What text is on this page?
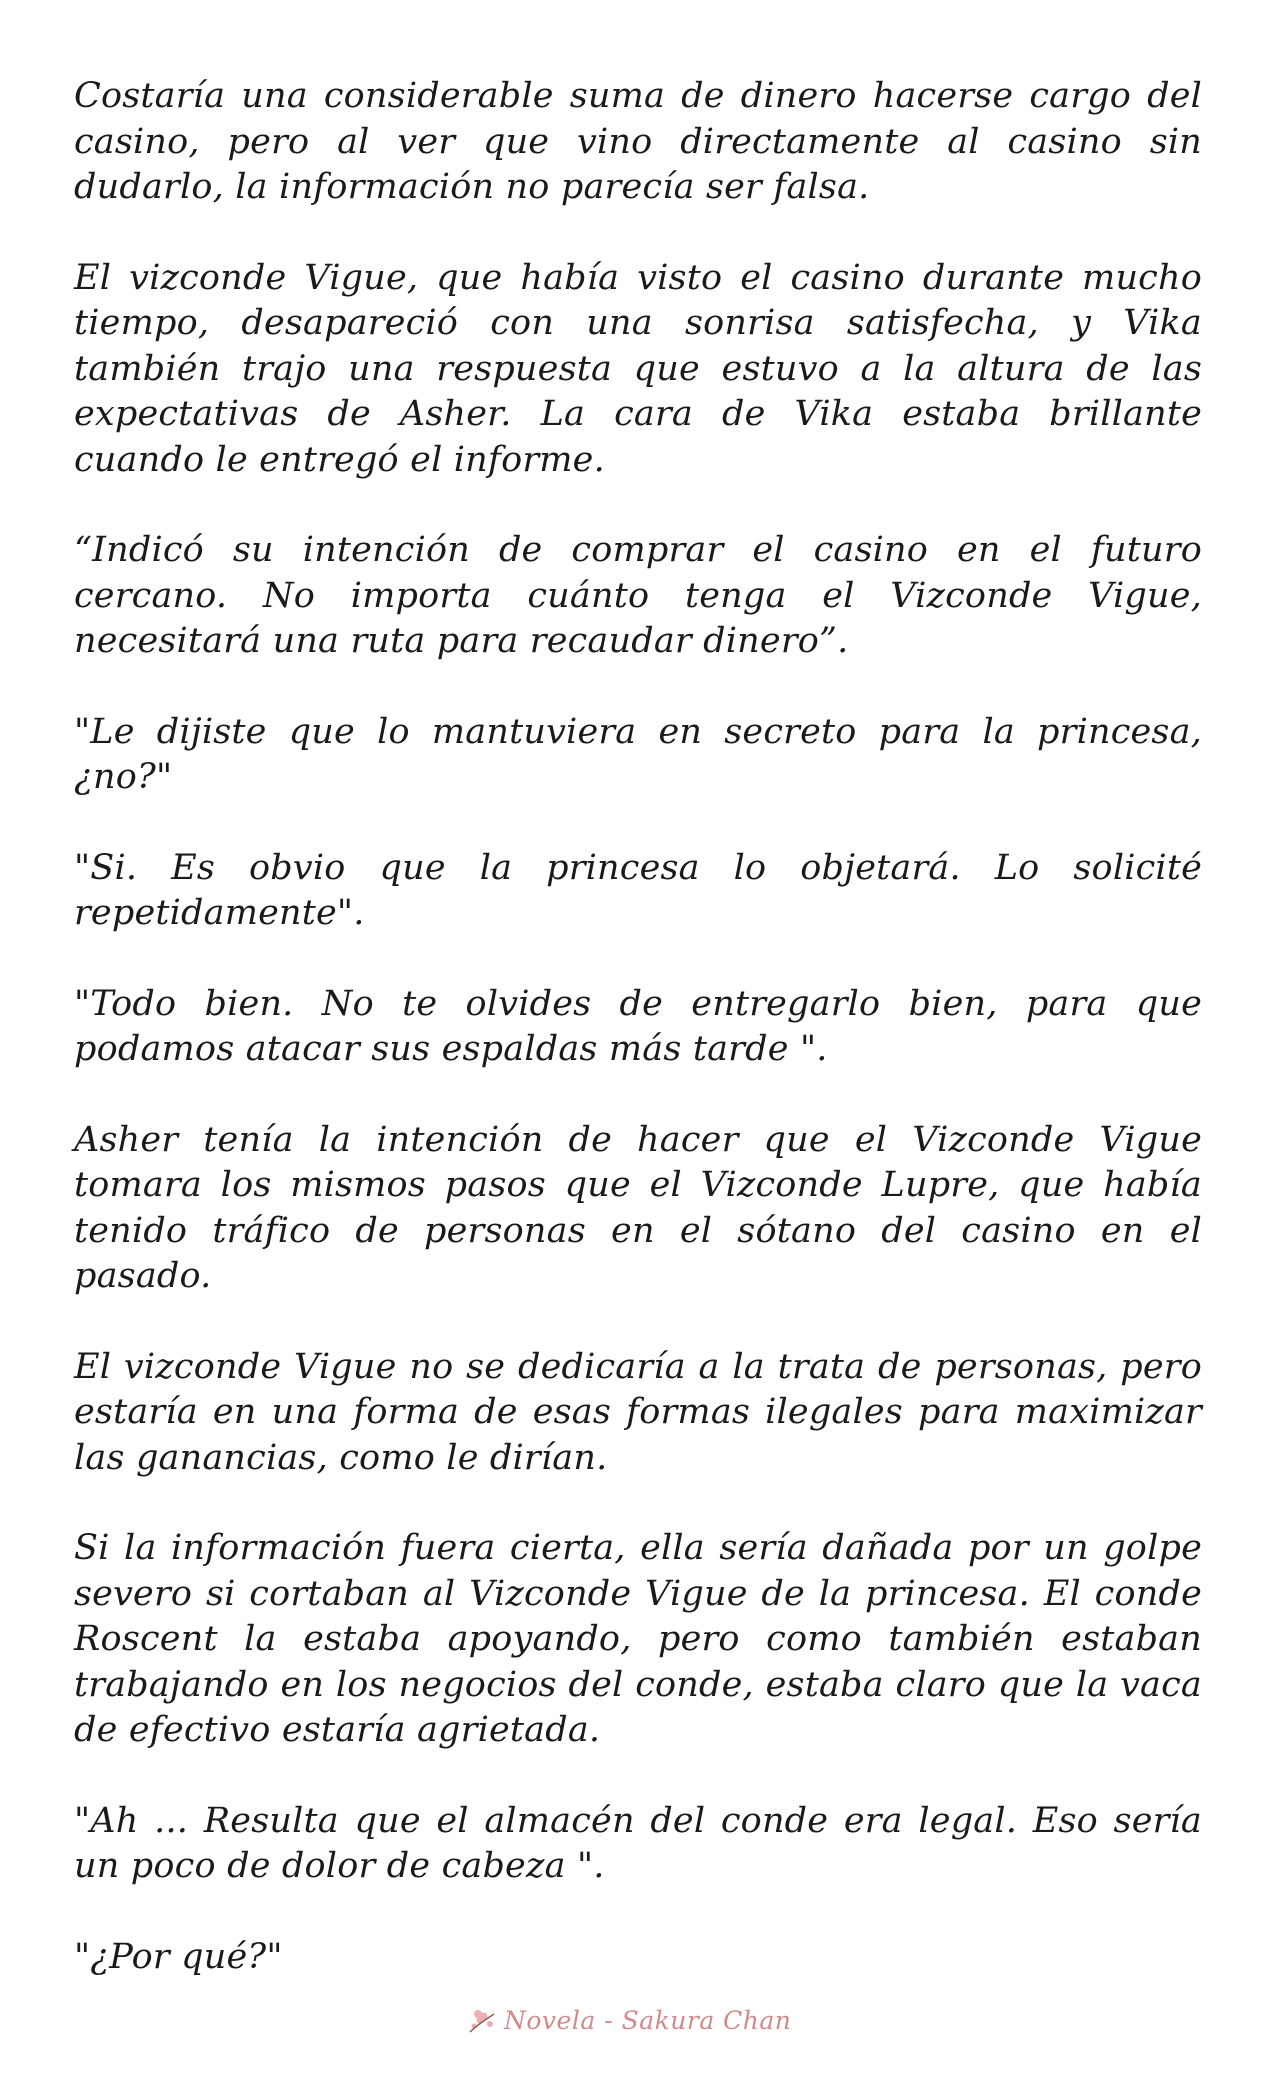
Costaría una considerable suma de dinero hacerse cargo del casino, pero al ver que vino directamente al casino sin dudarlo, la información no parecía ser falsa.

El vizconde Vigue, que había visto el casino durante mucho tiempo, desapareció con una sonrisa satisfecha, y Vika también trajo una respuesta que estuvo a la altura de las expectativas de Asher. La cara de Vika estaba brillante cuando le entregó el informe.

“Indicó su intención de comprar el casino en el futuro cercano. No importa cuánto tenga el Vizconde Vigue, necesitará una ruta para recaudar dinero”.

"Le dijiste que lo mantuviera en secreto para la princesa, ¿no?"

"Si. Es obvio que la princesa lo objetará. Lo solicité repetidamente".

"Todo bien. No te olvides de entregarlo bien, para que podamos atacar sus espaldas más tarde ".

Asher tenía la intención de hacer que el Vizconde Vigue tomara los mismos pasos que el Vizconde Lupre, que había tenido tráfico de personas en el sótano del casino en el pasado.

El vizconde Vigue no se dedicaría a la trata de personas, pero estaría en una forma de esas formas ilegales para maximizar las ganancias, como le dirían.

Si la información fuera cierta, ella sería dañada por un golpe severo si cortaban al Vizconde Vigue de la princesa. El conde Roscent la estaba apoyando, pero como también estaban trabajando en los negocios del conde, estaba claro que la vaca de efectivo estaría agrietada.

"Ah ... Resulta que el almacén del conde era legal. Eso sería un poco de dolor de cabeza ".

"¿Por qué?"

Novela - Sakura Chan
